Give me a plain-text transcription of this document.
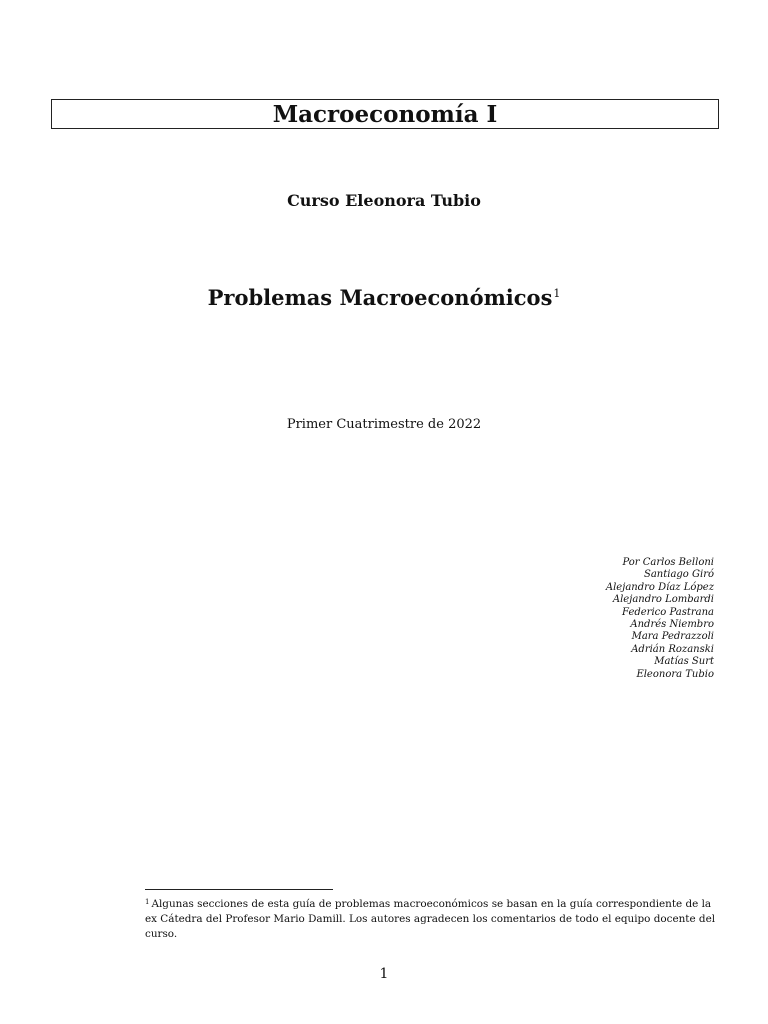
Macroeconomía I
Curso Eleonora Tubio
Problemas Macroeconómicos$^1$

Primer Cuatrimestre de 2022

Por Carlos Belloni
Santiago Giró
Alejandro Díaz López
Alejandro Lombardi
Federico Pastrana
Andrés Niembro
Mara Pedrazzoli
Adrián Rozanski
Matías Surt
Eleonora Tubio

$^1$ Algunas secciones de esta guía de problemas macroeconómicos se basan en la guía correspondiente de la ex Cátedra del Profesor Mario Damill. Los autores agradecen los comentarios de todo el equipo docente del curso.

1
